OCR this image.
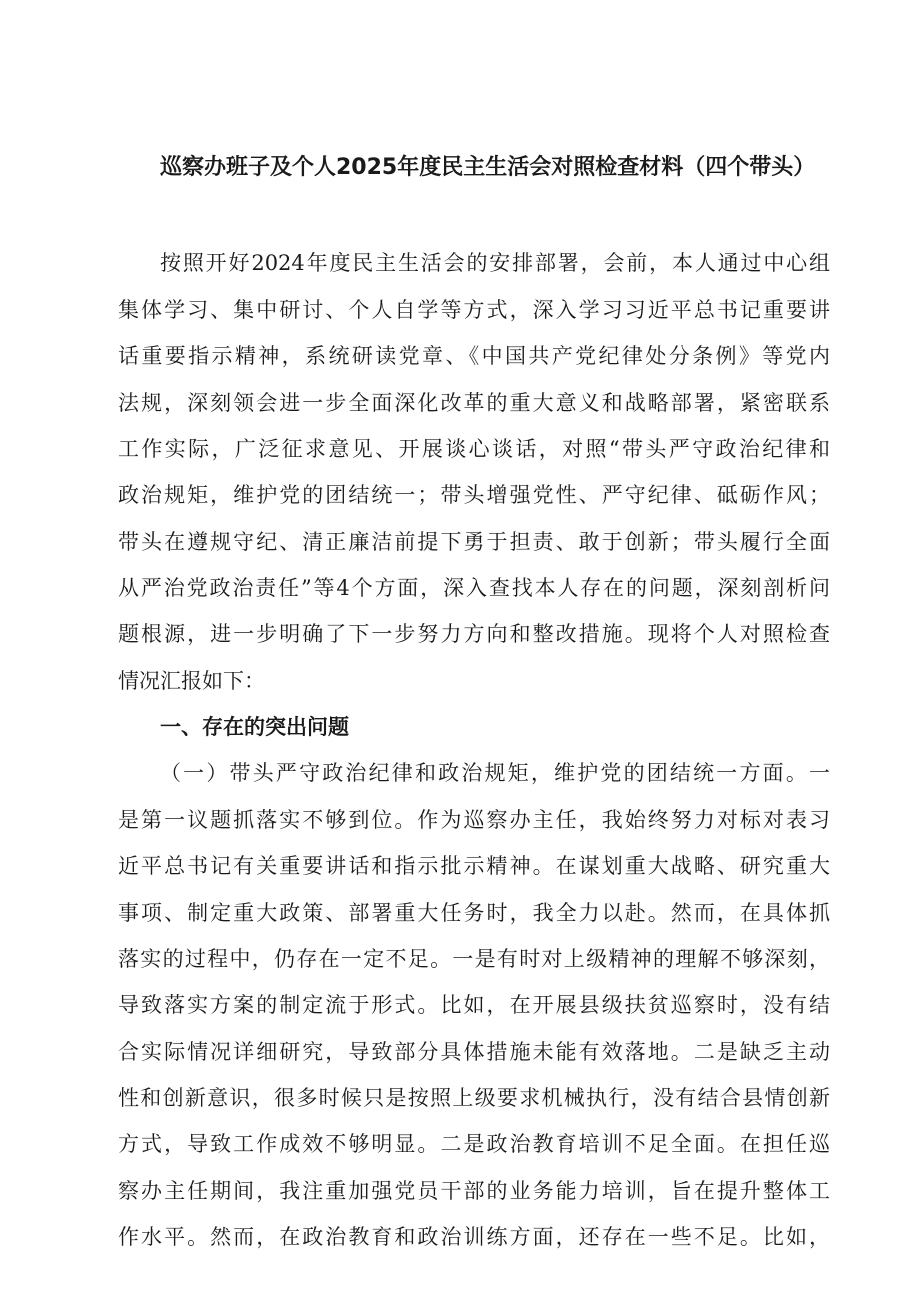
巡察办班子及个人2025年度民主生活会对照检查材料（四个带头）
按照开好2024年度民主生活会的安排部署，会前，本人通过中心组
集体学习、集中研讨、个人自学等方式，深入学习习近平总书记重要讲
话重要指示精神，系统研读党章、《中国共产党纪律处分条例》等党内
法规，深刻领会进一步全面深化改革的重大意义和战略部署，紧密联系
工作实际，广泛征求意见、开展谈心谈话，对照“带头严守政治纪律和
政治规矩，维护党的团结统一；带头增强党性、严守纪律、砥砺作风；
带头在遵规守纪、清正廉洁前提下勇于担责、敢于创新；带头履行全面
从严治党政治责任”等4个方面，深入查找本人存在的问题，深刻剖析问
题根源，进一步明确了下一步努力方向和整改措施。现将个人对照检查
情况汇报如下：
一、存在的突出问题
（一）带头严守政治纪律和政治规矩，维护党的团结统一方面。一
是第一议题抓落实不够到位。作为巡察办主任，我始终努力对标对表习
近平总书记有关重要讲话和指示批示精神。在谋划重大战略、研究重大
事项、制定重大政策、部署重大任务时，我全力以赴。然而，在具体抓
落实的过程中，仍存在一定不足。一是有时对上级精神的理解不够深刻，
导致落实方案的制定流于形式。比如，在开展县级扶贫巡察时，没有结
合实际情况详细研究，导致部分具体措施未能有效落地。二是缺乏主动
性和创新意识，很多时候只是按照上级要求机械执行，没有结合县情创新
方式，导致工作成效不够明显。二是政治教育培训不足全面。在担任巡
察办主任期间，我注重加强党员干部的业务能力培训，旨在提升整体工
作水平。然而，在政治教育和政治训练方面，还存在一些不足。比如，
